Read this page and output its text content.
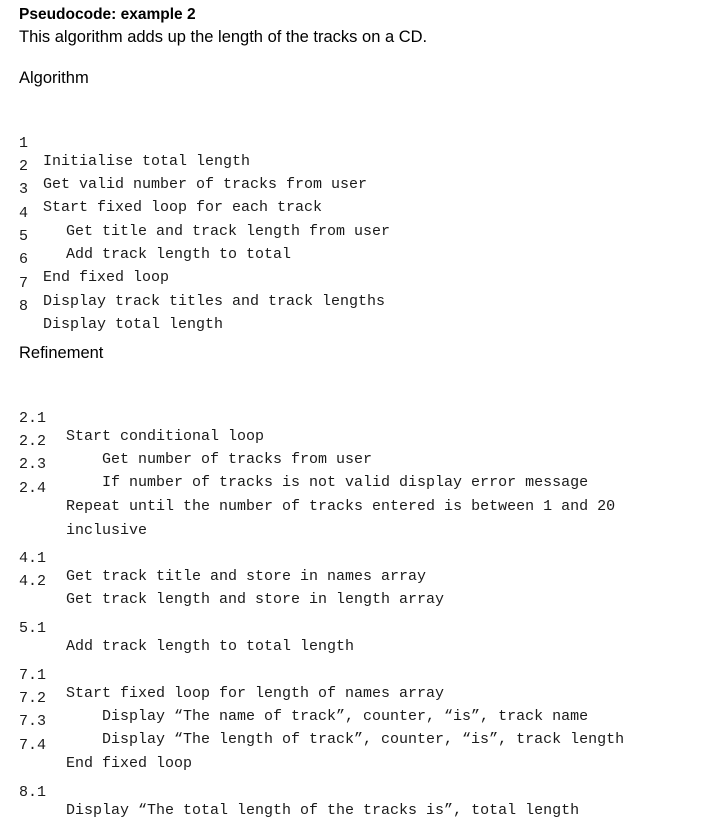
Pseudocode: example 2
This algorithm adds up the length of the tracks on a CD.
Algorithm

1

Initialise total length

2

Get valid number of tracks from user

3

Start fixed loop for each track

4

Get title and track length from user

5

Add track length to total

6

End fixed loop

7

Display track titles and track lengths

8

Display total length

Refinement

2.1

Start conditional loop

2.2

Get number of tracks from user

2.3

If number of tracks is not valid display error message

2.4

Repeat until the number of tracks entered is between 1 and 20

inclusive

4.1

Get track title and store in names array

4.2

Get track length and store in length array

5.1

Add track length to total length

7.1

Start fixed loop for length of names array

7.2

Display “The name of track”, counter, “is”, track name

7.3

Display “The length of track”, counter, “is”, track length

7.4

End fixed loop

8.1

Display “The total length of the tracks is”, total length
